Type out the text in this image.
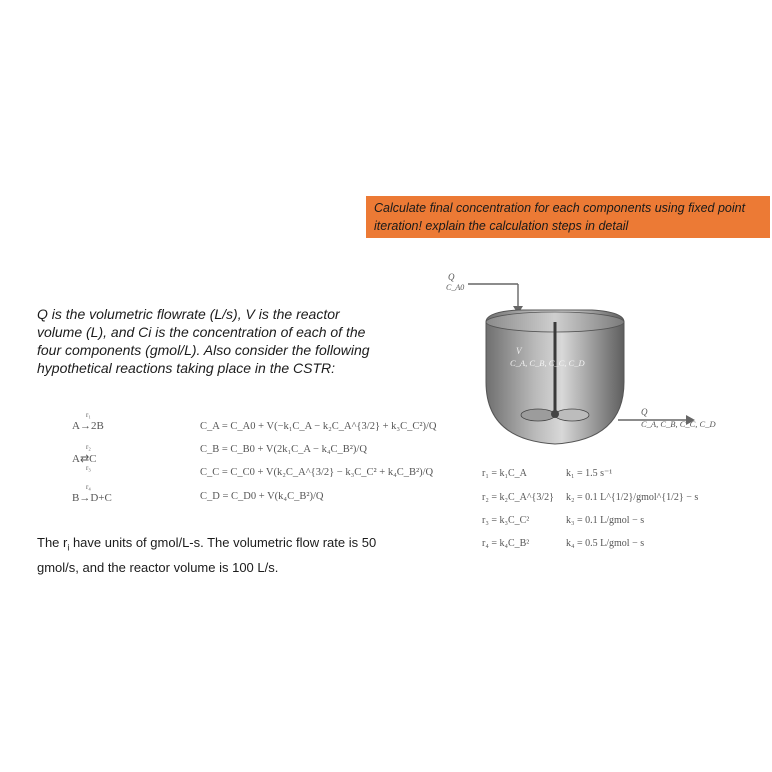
Calculate final concentration for each components using fixed point iteration! explain the calculation steps in detail
Q is the volumetric flowrate (L/s), V is the reactor volume (L), and Ci is the concentration of each of the four components (gmol/L). Also consider the following hypothetical reactions taking place in the CSTR:
r₁
A→2B
r₂
A⇄C
r₃
r₄
B→D+C
C_A = C_A0 + V(−k₁C_A − k₂C_A^{3/2} + k₃C_C²)/Q
C_B = C_B0 + V(2k₁C_A − k₄C_B²)/Q
C_C = C_C0 + V(k₂C_A^{3/2} − k₃C_C² + k₄C_B²)/Q
C_D = C_D0 + V(k₄C_B²)/Q
r₁ = k₁C_A
r₂ = k₂C_A^{3/2}
r₃ = k₃C_C²
r₄ = k₄C_B²
k₁ = 1.5 s⁻¹
k₂ = 0.1 L^{1/2}/gmol^{1/2} − s
k₃ = 0.1 L/gmol − s
k₄ = 0.5 L/gmol − s
The $r_i$ have units of gmol/L-s. The volumetric flow rate is 50 gmol/s, and the reactor volume is 100 L/s.
Q
C_A0
V
C_A, C_B, C_C, C_D
Q
C_A, C_B, C_C, C_D
